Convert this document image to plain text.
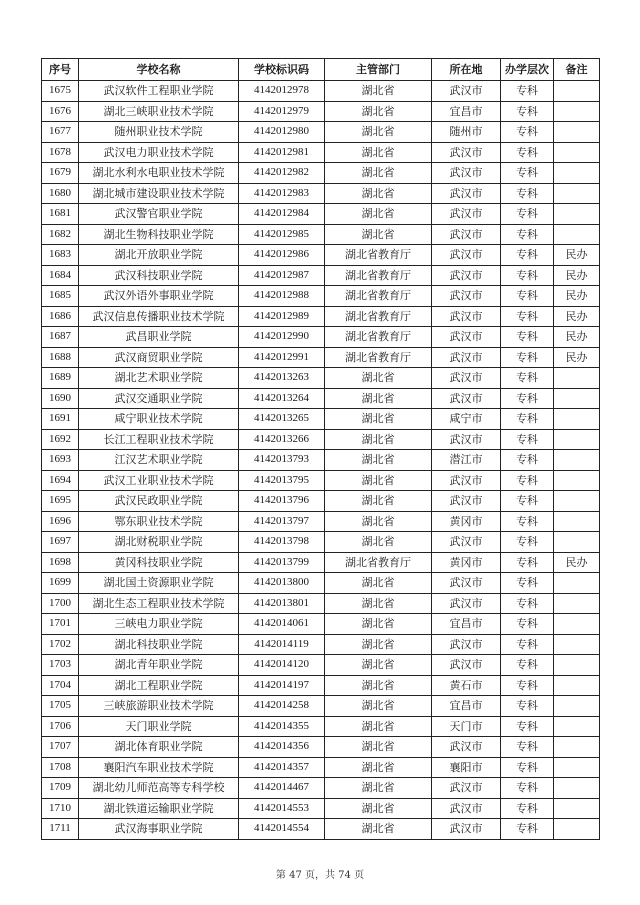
序号	学校名称	学校标识码	主管部门	所在地	办学层次	备注
1675	武汉软件工程职业学院	4142012978	湖北省	武汉市	专科	
1676	湖北三峡职业技术学院	4142012979	湖北省	宜昌市	专科	
1677	随州职业技术学院	4142012980	湖北省	随州市	专科	
1678	武汉电力职业技术学院	4142012981	湖北省	武汉市	专科	
1679	湖北水利水电职业技术学院	4142012982	湖北省	武汉市	专科	
1680	湖北城市建设职业技术学院	4142012983	湖北省	武汉市	专科	
1681	武汉警官职业学院	4142012984	湖北省	武汉市	专科	
1682	湖北生物科技职业学院	4142012985	湖北省	武汉市	专科	
1683	湖北开放职业学院	4142012986	湖北省教育厅	武汉市	专科	民办
1684	武汉科技职业学院	4142012987	湖北省教育厅	武汉市	专科	民办
1685	武汉外语外事职业学院	4142012988	湖北省教育厅	武汉市	专科	民办
1686	武汉信息传播职业技术学院	4142012989	湖北省教育厅	武汉市	专科	民办
1687	武昌职业学院	4142012990	湖北省教育厅	武汉市	专科	民办
1688	武汉商贸职业学院	4142012991	湖北省教育厅	武汉市	专科	民办
1689	湖北艺术职业学院	4142013263	湖北省	武汉市	专科	
1690	武汉交通职业学院	4142013264	湖北省	武汉市	专科	
1691	咸宁职业技术学院	4142013265	湖北省	咸宁市	专科	
1692	长江工程职业技术学院	4142013266	湖北省	武汉市	专科	
1693	江汉艺术职业学院	4142013793	湖北省	潜江市	专科	
1694	武汉工业职业技术学院	4142013795	湖北省	武汉市	专科	
1695	武汉民政职业学院	4142013796	湖北省	武汉市	专科	
1696	鄂东职业技术学院	4142013797	湖北省	黄冈市	专科	
1697	湖北财税职业学院	4142013798	湖北省	武汉市	专科	
1698	黄冈科技职业学院	4142013799	湖北省教育厅	黄冈市	专科	民办
1699	湖北国土资源职业学院	4142013800	湖北省	武汉市	专科	
1700	湖北生态工程职业技术学院	4142013801	湖北省	武汉市	专科	
1701	三峡电力职业学院	4142014061	湖北省	宜昌市	专科	
1702	湖北科技职业学院	4142014119	湖北省	武汉市	专科	
1703	湖北青年职业学院	4142014120	湖北省	武汉市	专科	
1704	湖北工程职业学院	4142014197	湖北省	黄石市	专科	
1705	三峡旅游职业技术学院	4142014258	湖北省	宜昌市	专科	
1706	天门职业学院	4142014355	湖北省	天门市	专科	
1707	湖北体育职业学院	4142014356	湖北省	武汉市	专科	
1708	襄阳汽车职业技术学院	4142014357	湖北省	襄阳市	专科	
1709	湖北幼儿师范高等专科学校	4142014467	湖北省	武汉市	专科	
1710	湖北铁道运输职业学院	4142014553	湖北省	武汉市	专科	
1711	武汉海事职业学院	4142014554	湖北省	武汉市	专科	
第 47 页，共 74 页
